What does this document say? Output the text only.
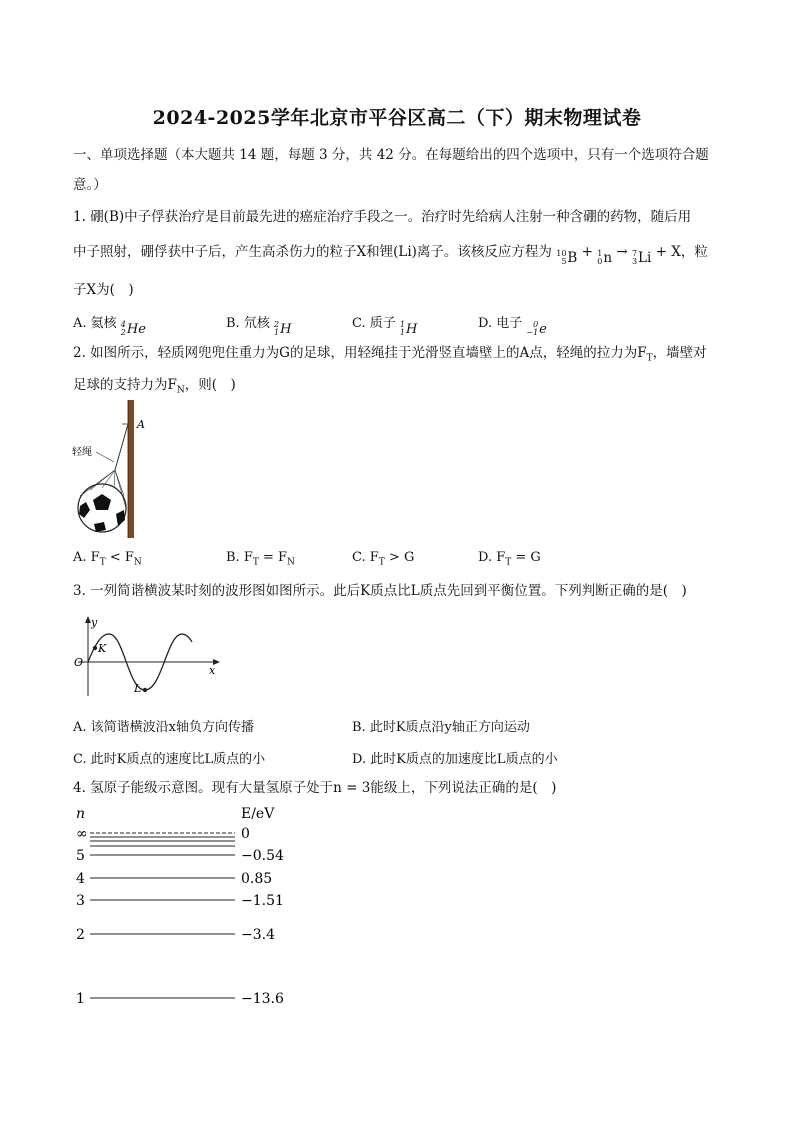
2024-2025学年北京市平谷区高二（下）期末物理试卷
一、单项选择题（本大题共 14 题，每题 3 分，共 42 分。在每题给出的四个选项中，只有一个选项符合题
意。）
1. 硼(B)中子俘获治疗是目前最先进的癌症治疗手段之一。治疗时先给病人注射一种含硼的药物，随后用
中子照射，硼俘获中子后，产生高杀伤力的粒子X和锂(Li)离子。该核反应方程为 10
5 B + 1
0 n → 7
3 Li + X，粒
子X为(　)
A. 氦核 4
2 He	B. 氘核 2
1 H	C. 质子 1
1 H	D. 电子	0
−1 e
2. 如图所示，轻质网兜兜住重力为G的足球，用轻绳挂于光滑竖直墙壁上的A点，轻绳的拉力为$F_T$，墙壁对
足球的支持力为$F_N$，则(　)
A
轻绳
A. $F_T < F_N$	B. $F_T = F_N$	C. $F_T > G$	D. $F_T = G$
3. 一列简谐横波某时刻的波形图如图所示。此后K质点比L质点先回到平衡位置。下列判断正确的是(　)
y
x
O
K
L
A. 该简谐横波沿x轴负方向传播	B. 此时K质点沿y轴正方向运动
C. 此时K质点的速度比L质点的小	D. 此时K质点的加速度比L质点的小
4. 氢原子能级示意图。现有大量氢原子处于n = 3能级上，下列说法正确的是(　)
n	E/eV
∞	0
5	−0.54
4	0.85
3	−1.51
2	−3.4
1	−13.6
